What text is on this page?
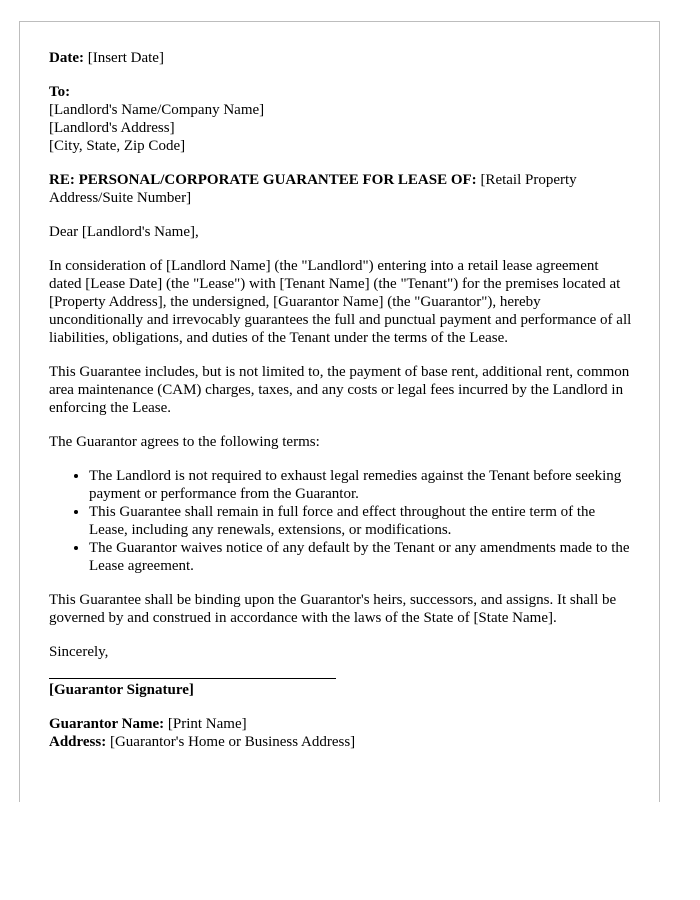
Date: [Insert Date]

To:
[Landlord's Name/Company Name]
[Landlord's Address]
[City, State, Zip Code]

RE: PERSONAL/CORPORATE GUARANTEE FOR LEASE OF: [Retail Property Address/Suite Number]

Dear [Landlord's Name],

In consideration of [Landlord Name] (the "Landlord") entering into a retail lease agreement dated [Lease Date] (the "Lease") with [Tenant Name] (the "Tenant") for the premises located at [Property Address], the undersigned, [Guarantor Name] (the "Guarantor"), hereby unconditionally and irrevocably guarantees the full and punctual payment and performance of all liabilities, obligations, and duties of the Tenant under the terms of the Lease.

This Guarantee includes, but is not limited to, the payment of base rent, additional rent, common area maintenance (CAM) charges, taxes, and any costs or legal fees incurred by the Landlord in enforcing the Lease.

The Guarantor agrees to the following terms:

• The Landlord is not required to exhaust legal remedies against the Tenant before seeking payment or performance from the Guarantor.
• This Guarantee shall remain in full force and effect throughout the entire term of the Lease, including any renewals, extensions, or modifications.
• The Guarantor waives notice of any default by the Tenant or any amendments made to the Lease agreement.

This Guarantee shall be binding upon the Guarantor's heirs, successors, and assigns. It shall be governed by and construed in accordance with the laws of the State of [State Name].

Sincerely,

[Guarantor Signature]

Guarantor Name: [Print Name]
Address: [Guarantor's Home or Business Address]
